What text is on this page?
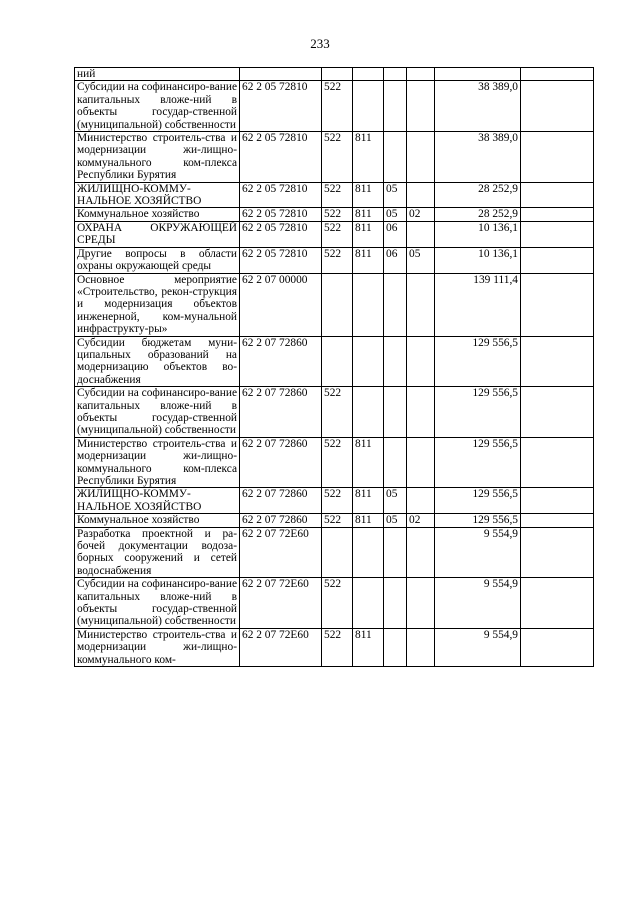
233
ний							
Субсидии на софинансиро-вание капитальных вложе-ний в объекты государ-ственной (муниципальной) собственности	62 2 05 72810	522				38 389,0	
Министерство строитель-ства и модернизации жи-лищно-коммунального ком-плекса Республики Бурятия	62 2 05 72810	522	811			38 389,0	
ЖИЛИЩНО-КОММУ-НАЛЬНОЕ ХОЗЯЙСТВО	62 2 05 72810	522	811	05		28 252,9	
Коммунальное хозяйство	62 2 05 72810	522	811	05	02	28 252,9	
ОХРАНА ОКРУЖАЮЩЕЙ СРЕДЫ	62 2 05 72810	522	811	06		10 136,1	
Другие вопросы в области охраны окружающей среды	62 2 05 72810	522	811	06	05	10 136,1	
Основное мероприятие «Строительство, рекон-струкция и модернизация объектов инженерной, ком-мунальной инфраструкту-ры»	62 2 07 00000					139 111,4	
Субсидии бюджетам муни-ципальных образований на модернизацию объектов во-доснабжения	62 2 07 72860					129 556,5	
Субсидии на софинансиро-вание капитальных вложе-ний в объекты государ-ственной (муниципальной) собственности	62 2 07 72860	522				129 556,5	
Министерство строитель-ства и модернизации жи-лищно-коммунального ком-плекса Республики Бурятия	62 2 07 72860	522	811			129 556,5	
ЖИЛИЩНО-КОММУ-НАЛЬНОЕ ХОЗЯЙСТВО	62 2 07 72860	522	811	05		129 556,5	
Коммунальное хозяйство	62 2 07 72860	522	811	05	02	129 556,5	
Разработка проектной и ра-бочей документации водоза-борных сооружений и сетей водоснабжения	62 2 07 72Е60					9 554,9	
Субсидии на софинансиро-вание капитальных вложе-ний в объекты государ-ственной (муниципальной) собственности	62 2 07 72Е60	522				9 554,9	
Министерство строитель-ства и модернизации жи-лищно-коммунального ком-	62 2 07 72Е60	522	811			9 554,9	
